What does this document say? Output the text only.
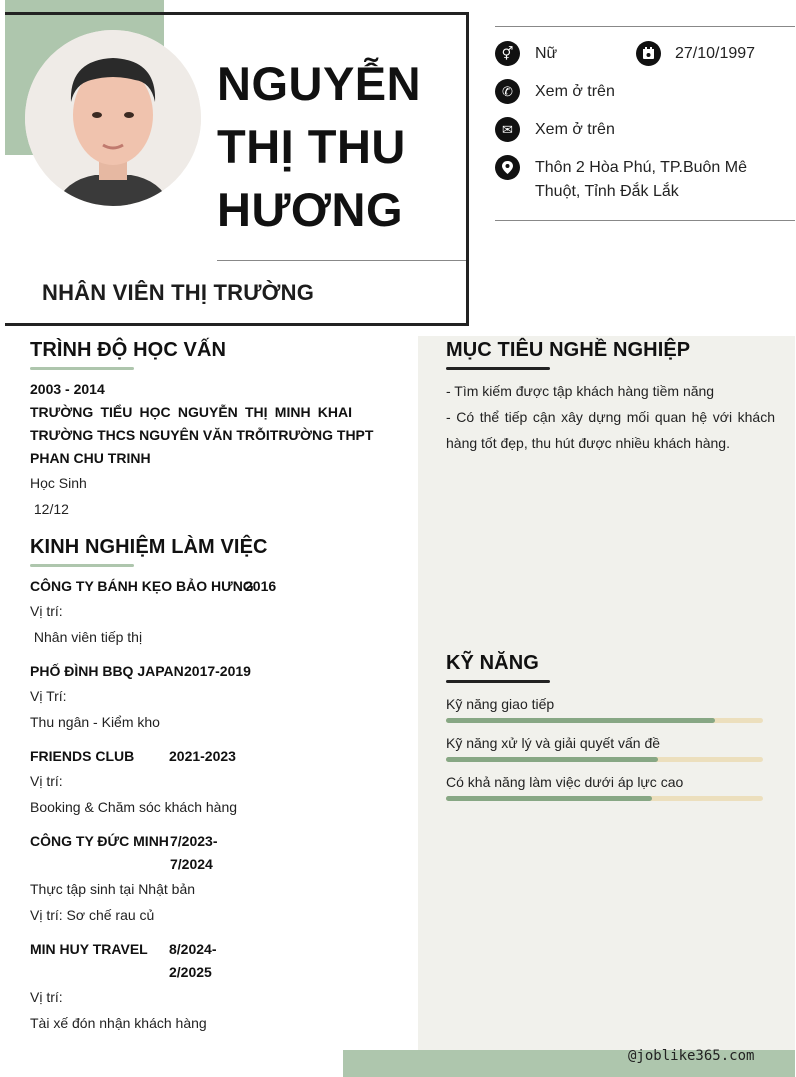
NGUYỄN
THỊ THU
HƯƠNG
NHÂN VIÊN THỊ TRƯỜNG
⚥	Nữ	27/10/1997
✆	Xem ở trên
✉	Xem ở trên
Thôn 2 Hòa Phú, TP.Buôn Mê
Thuột, Tỉnh Đắk Lắk
@joblike365.com
TRÌNH ĐỘ HỌC VẤN
2003 - 2014
TRƯỜNG TIỂU HỌC NGUYỄN THỊ MINH KHAI
TRƯỜNG THCS NGUYÊN VĂN TRỖITRƯỜNG THPT
PHAN CHU TRINH
Học Sinh
12/12
KINH NGHIỆM LÀM VIỆC
CÔNG TY BÁNH KẸO BẢO HƯNG
2016
Vị trí:
Nhân viên tiếp thị
PHỐ ĐÌNH BBQ JAPAN 2017-2019
Vị Trí:
Thu ngân - Kiểm kho
FRIENDS CLUB 2021-2023
Vị trí:
Booking & Chăm sóc khách hàng
CÔNG TY ĐỨC MINH 7/2023-
7/2024
Thực tập sinh tại Nhật bản
Vị trí: Sơ chế rau củ
MIN HUY TRAVEL 8/2024-
2/2025
Vị trí:
Tài xế đón nhận khách hàng
MỤC TIÊU NGHỀ NGHIỆP
- Tìm kiếm được tập khách hàng tiềm năng
- Có thể tiếp cận xây dựng mối quan hệ với khách
hàng tốt đẹp, thu hút được nhiều khách hàng.
KỸ NĂNG
Kỹ năng giao tiếp
Kỹ năng xử lý và giải quyết vấn đề
Có khả năng làm việc dưới áp lực cao
